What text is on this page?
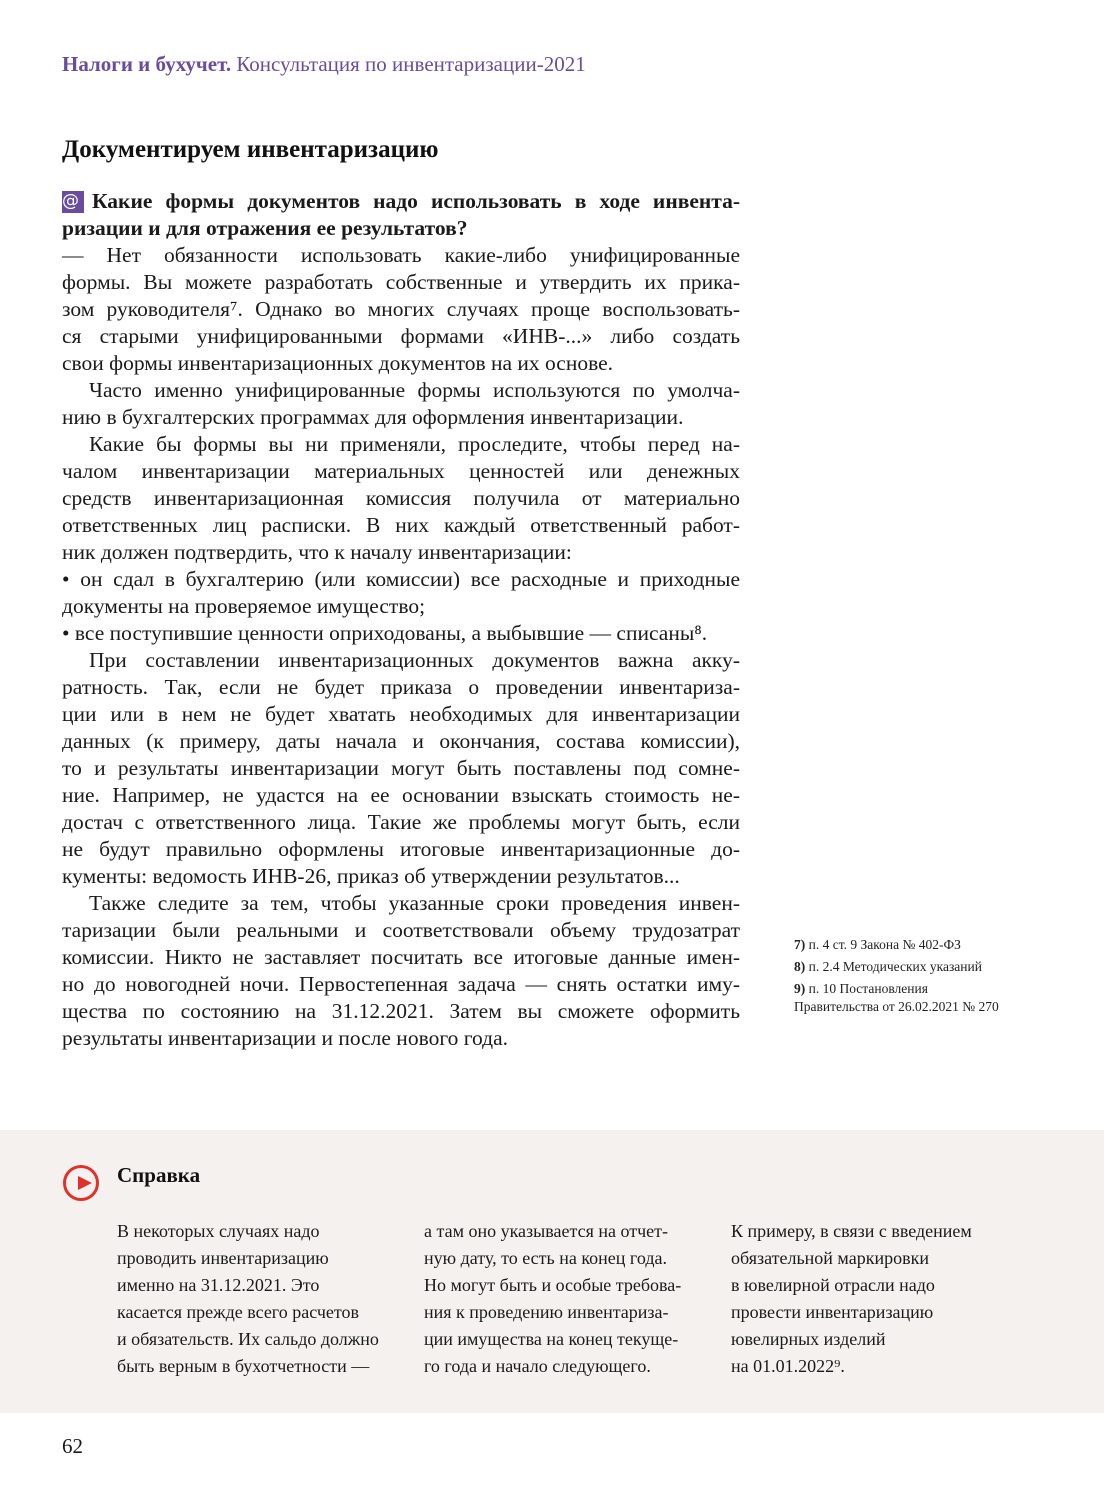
Налоги и бухучет. Консультация по инвентаризации-2021
Документируем инвентаризацию
@ Какие формы документов надо использовать в ходе инвента-
ризации и для отражения ее результатов?
— Нет обязанности использовать какие-либо унифицированные
формы. Вы можете разработать собственные и утвердить их прика-
зом руководителя⁷. Однако во многих случаях проще воспользовать-
ся старыми унифицированными формами «ИНВ-...» либо создать
свои формы инвентаризационных документов на их основе.
Часто именно унифицированные формы используются по умолча-
нию в бухгалтерских программах для оформления инвентаризации.
Какие бы формы вы ни применяли, проследите, чтобы перед на-
чалом инвентаризации материальных ценностей или денежных
средств инвентаризационная комиссия получила от материально
ответственных лиц расписки. В них каждый ответственный работ-
ник должен подтвердить, что к началу инвентаризации:
• он сдал в бухгалтерию (или комиссии) все расходные и приходные
документы на проверяемое имущество;
• все поступившие ценности оприходованы, а выбывшие — списаны⁸.
При составлении инвентаризационных документов важна акку-
ратность. Так, если не будет приказа о проведении инвентариза-
ции или в нем не будет хватать необходимых для инвентаризации
данных (к примеру, даты начала и окончания, состава комиссии),
то и результаты инвентаризации могут быть поставлены под сомне-
ние. Например, не удастся на ее основании взыскать стоимость не-
достач с ответственного лица. Такие же проблемы могут быть, если
не будут правильно оформлены итоговые инвентаризационные до-
кументы: ведомость ИНВ-26, приказ об утверждении результатов...
Также следите за тем, чтобы указанные сроки проведения инвен-
таризации были реальными и соответствовали объему трудозатрат
комиссии. Никто не заставляет посчитать все итоговые данные имен-
но до новогодней ночи. Первостепенная задача — снять остатки иму-
щества по состоянию на 31.12.2021. Затем вы сможете оформить
результаты инвентаризации и после нового года.
7) п. 4 ст. 9 Закона № 402-ФЗ
8) п. 2.4 Методических указаний
9) п. 10 Постановления Правительства от 26.02.2021 № 270
Справка
В некоторых случаях надо
проводить инвентаризацию
именно на 31.12.2021. Это
касается прежде всего расчетов
и обязательств. Их сальдо должно
быть верным в бухотчетности —
а там оно указывается на отчет-
ную дату, то есть на конец года.
Но могут быть и особые требова-
ния к проведению инвентариза-
ции имущества на конец текуще-
го года и начало следующего.
К примеру, в связи с введением
обязательной маркировки
в ювелирной отрасли надо
провести инвентаризацию
ювелирных изделий
на 01.01.2022⁹.
62
